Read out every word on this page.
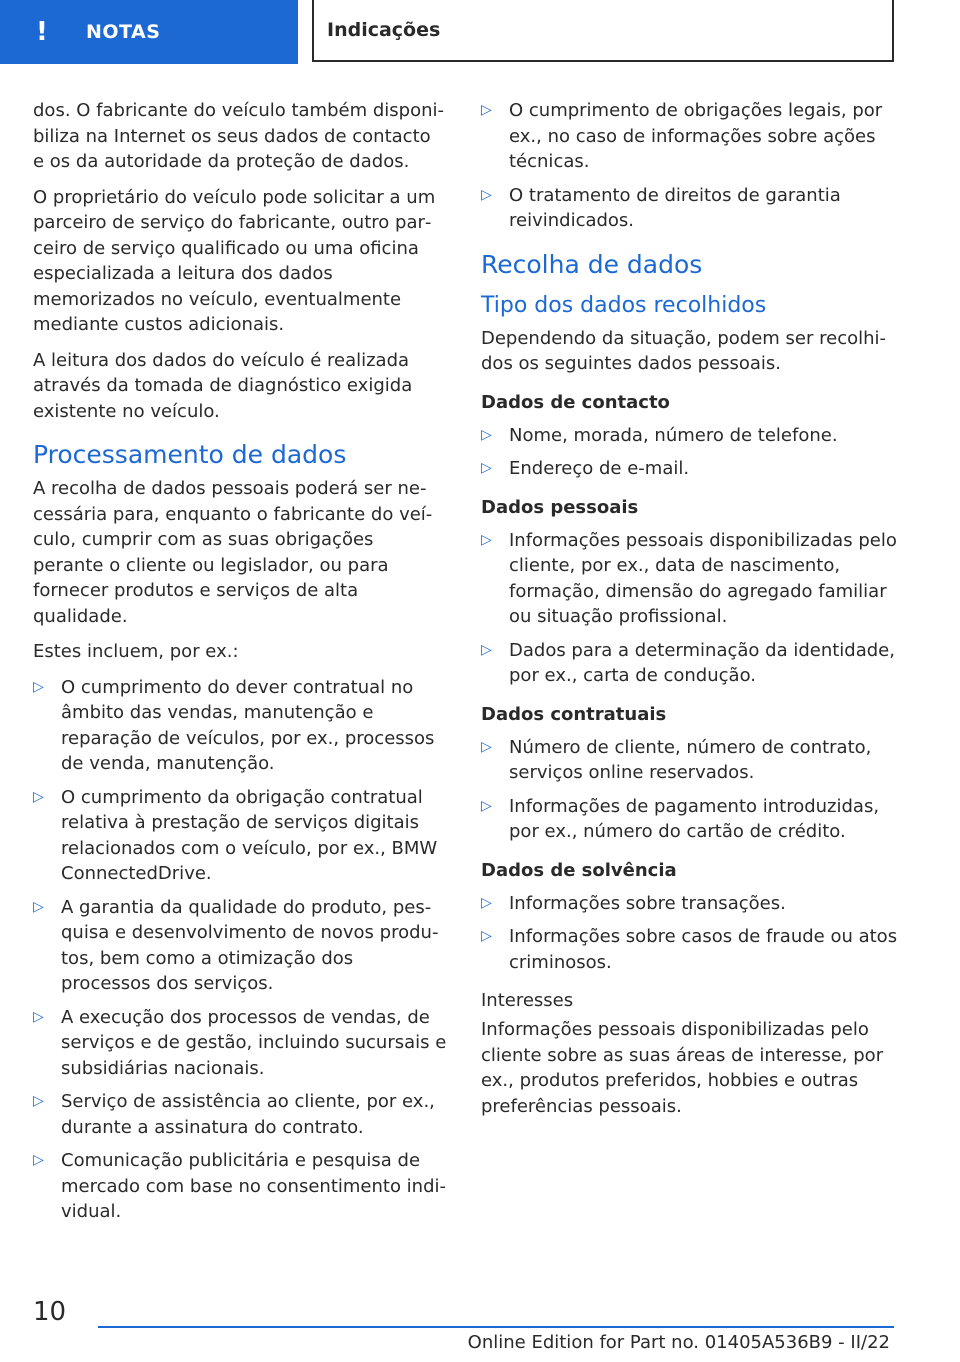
!	NOTAS	Indicações

dos. O fabricante do veículo também disponibiliza na Internet os seus dados de contacto e os da autoridade da proteção de dados.

O proprietário do veículo pode solicitar a um parceiro de serviço do fabricante, outro parceiro de serviço qualificado ou uma oficina especializada a leitura dos dados memorizados no veículo, eventualmente mediante custos adicionais.

A leitura dos dados do veículo é realizada através da tomada de diagnóstico exigida existente no veículo.

Processamento de dados

A recolha de dados pessoais poderá ser necessária para, enquanto o fabricante do veículo, cumprir com as suas obrigações perante o cliente ou legislador, ou para fornecer produtos e serviços de alta qualidade.

Estes incluem, por ex.:

▷ O cumprimento do dever contratual no âmbito das vendas, manutenção e reparação de veículos, por ex., processos de venda, manutenção.
▷ O cumprimento da obrigação contratual relativa à prestação de serviços digitais relacionados com o veículo, por ex., BMW ConnectedDrive.
▷ A garantia da qualidade do produto, pesquisa e desenvolvimento de novos produtos, bem como a otimização dos processos dos serviços.
▷ A execução dos processos de vendas, de serviços e de gestão, incluindo sucursais e subsidiárias nacionais.
▷ Serviço de assistência ao cliente, por ex., durante a assinatura do contrato.
▷ Comunicação publicitária e pesquisa de mercado com base no consentimento individual.
▷ O cumprimento de obrigações legais, por ex., no caso de informações sobre ações técnicas.
▷ O tratamento de direitos de garantia reivindicados.
Recolha de dados
Tipo dos dados recolhidos

Dependendo da situação, podem ser recolhidos os seguintes dados pessoais.

Dados de contacto
▷ Nome, morada, número de telefone.
▷ Endereço de e-mail.
Dados pessoais
▷ Informações pessoais disponibilizadas pelo cliente, por ex., data de nascimento, formação, dimensão do agregado familiar ou situação profissional.
▷ Dados para a determinação da identidade, por ex., carta de condução.
Dados contratuais
▷ Número de cliente, número de contrato, serviços online reservados.
▷ Informações de pagamento introduzidas, por ex., número do cartão de crédito.
Dados de solvência
▷ Informações sobre transações.
▷ Informações sobre casos de fraude ou atos criminosos.
Interesses

Informações pessoais disponibilizadas pelo cliente sobre as suas áreas de interesse, por ex., produtos preferidos, hobbies e outras preferências pessoais.

10
Online Edition for Part no. 01405A536B9 - II/22
